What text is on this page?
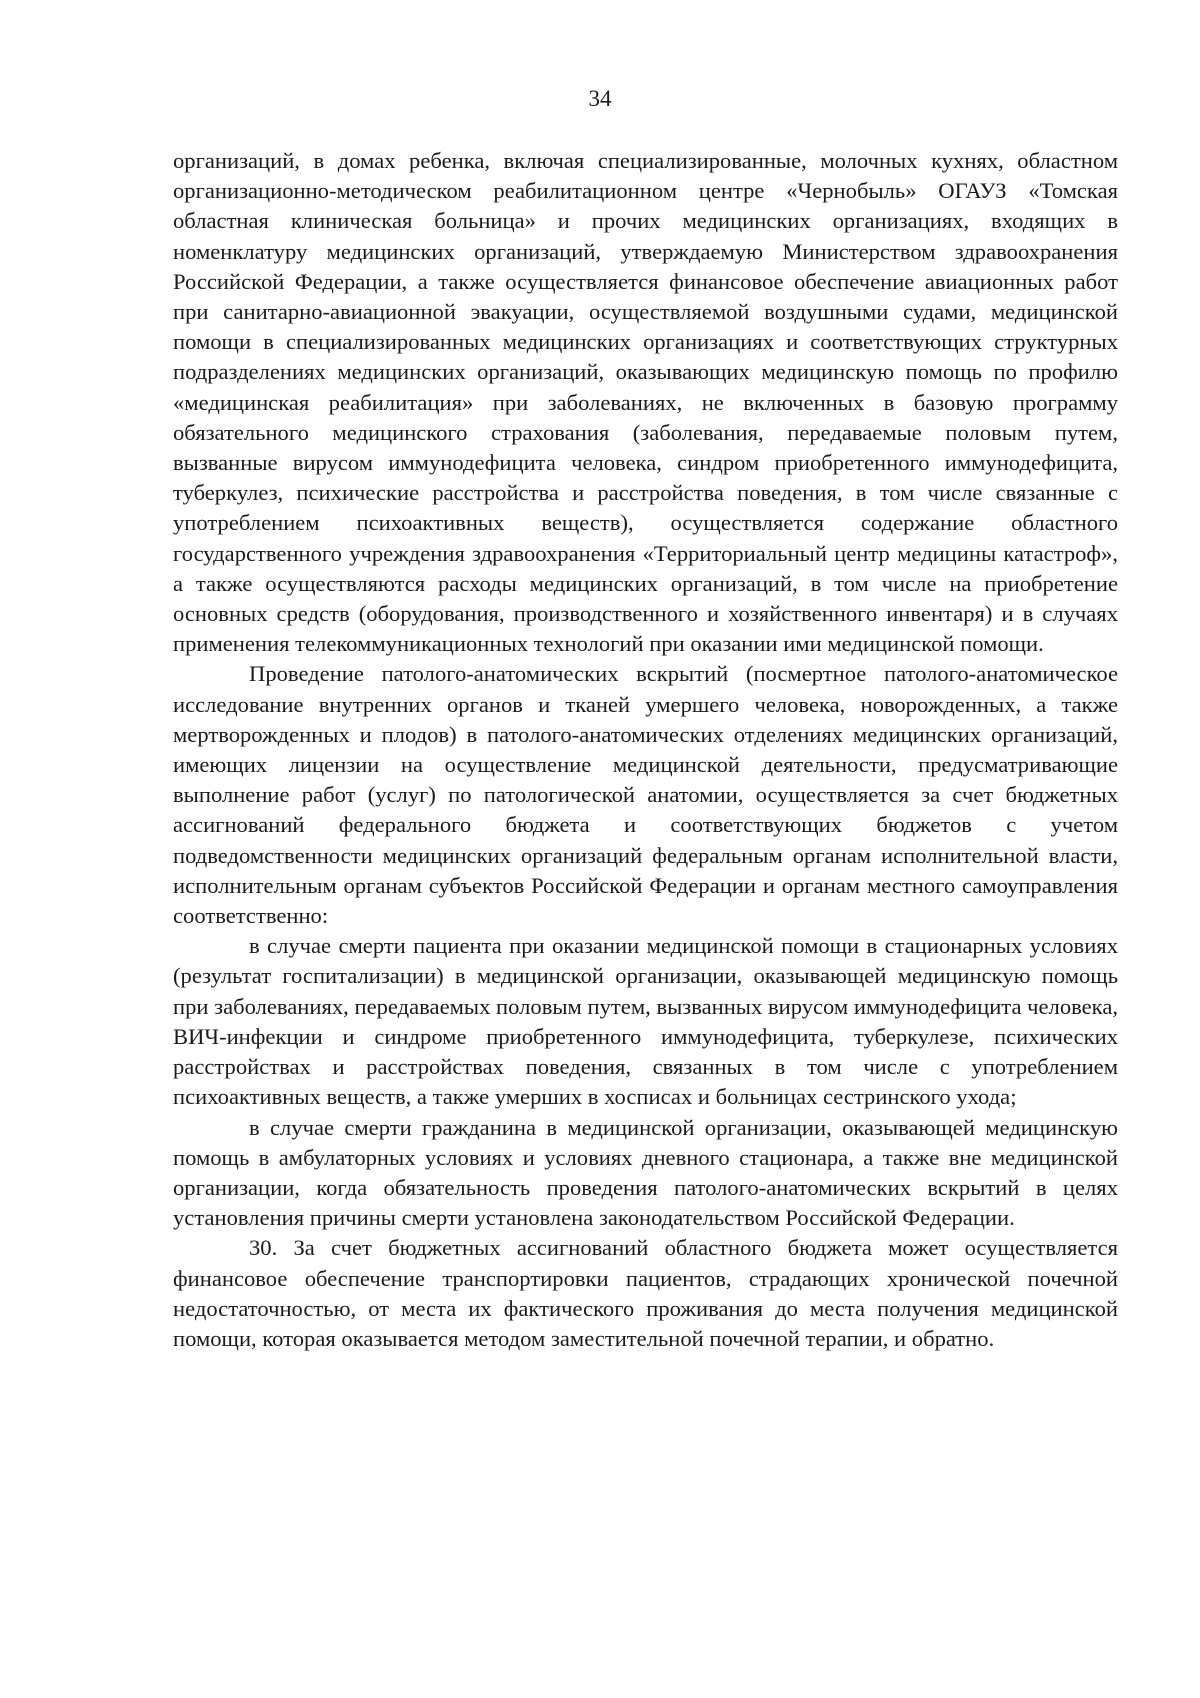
34

организаций, в домах ребенка, включая специализированные, молочных кухнях, областном организационно-методическом реабилитационном центре «Чернобыль» ОГАУЗ «Томская областная клиническая больница» и прочих медицинских организациях, входящих в номенклатуру медицинских организаций, утверждаемую Министерством здравоохранения Российской Федерации, а также осуществляется финансовое обеспечение авиационных работ при санитарно-авиационной эвакуации, осуществляемой воздушными судами, медицинской помощи в специализированных медицинских организациях и соответствующих структурных подразделениях медицинских организаций, оказывающих медицинскую помощь по профилю «медицинская реабилитация» при заболеваниях, не включенных в базовую программу обязательного медицинского страхования (заболевания, передаваемые половым путем, вызванные вирусом иммунодефицита человека, синдром приобретенного иммунодефицита, туберкулез, психические расстройства и расстройства поведения, в том числе связанные с употреблением психоактивных веществ), осуществляется содержание областного государственного учреждения здравоохранения «Территориальный центр медицины катастроф», а также осуществляются расходы медицинских организаций, в том числе на приобретение основных средств (оборудования, производственного и хозяйственного инвентаря) и в случаях применения телекоммуникационных технологий при оказании ими медицинской помощи.

Проведение патолого-анатомических вскрытий (посмертное патолого-анатомическое исследование внутренних органов и тканей умершего человека, новорожденных, а также мертворожденных и плодов) в патолого-анатомических отделениях медицинских организаций, имеющих лицензии на осуществление медицинской деятельности, предусматривающие выполнение работ (услуг) по патологической анатомии, осуществляется за счет бюджетных ассигнований федерального бюджета и соответствующих бюджетов с учетом подведомственности медицинских организаций федеральным органам исполнительной власти, исполнительным органам субъектов Российской Федерации и органам местного самоуправления соответственно:

в случае смерти пациента при оказании медицинской помощи в стационарных условиях (результат госпитализации) в медицинской организации, оказывающей медицинскую помощь при заболеваниях, передаваемых половым путем, вызванных вирусом иммунодефицита человека, ВИЧ-инфекции и синдроме приобретенного иммунодефицита, туберкулезе, психических расстройствах и расстройствах поведения, связанных в том числе с употреблением психоактивных веществ, а также умерших в хосписах и больницах сестринского ухода;

в случае смерти гражданина в медицинской организации, оказывающей медицинскую помощь в амбулаторных условиях и условиях дневного стационара, а также вне медицинской организации, когда обязательность проведения патолого-анатомических вскрытий в целях установления причины смерти установлена законодательством Российской Федерации.

30. За счет бюджетных ассигнований областного бюджета может осуществляется финансовое обеспечение транспортировки пациентов, страдающих хронической почечной недостаточностью, от места их фактического проживания до места получения медицинской помощи, которая оказывается методом заместительной почечной терапии, и обратно.
